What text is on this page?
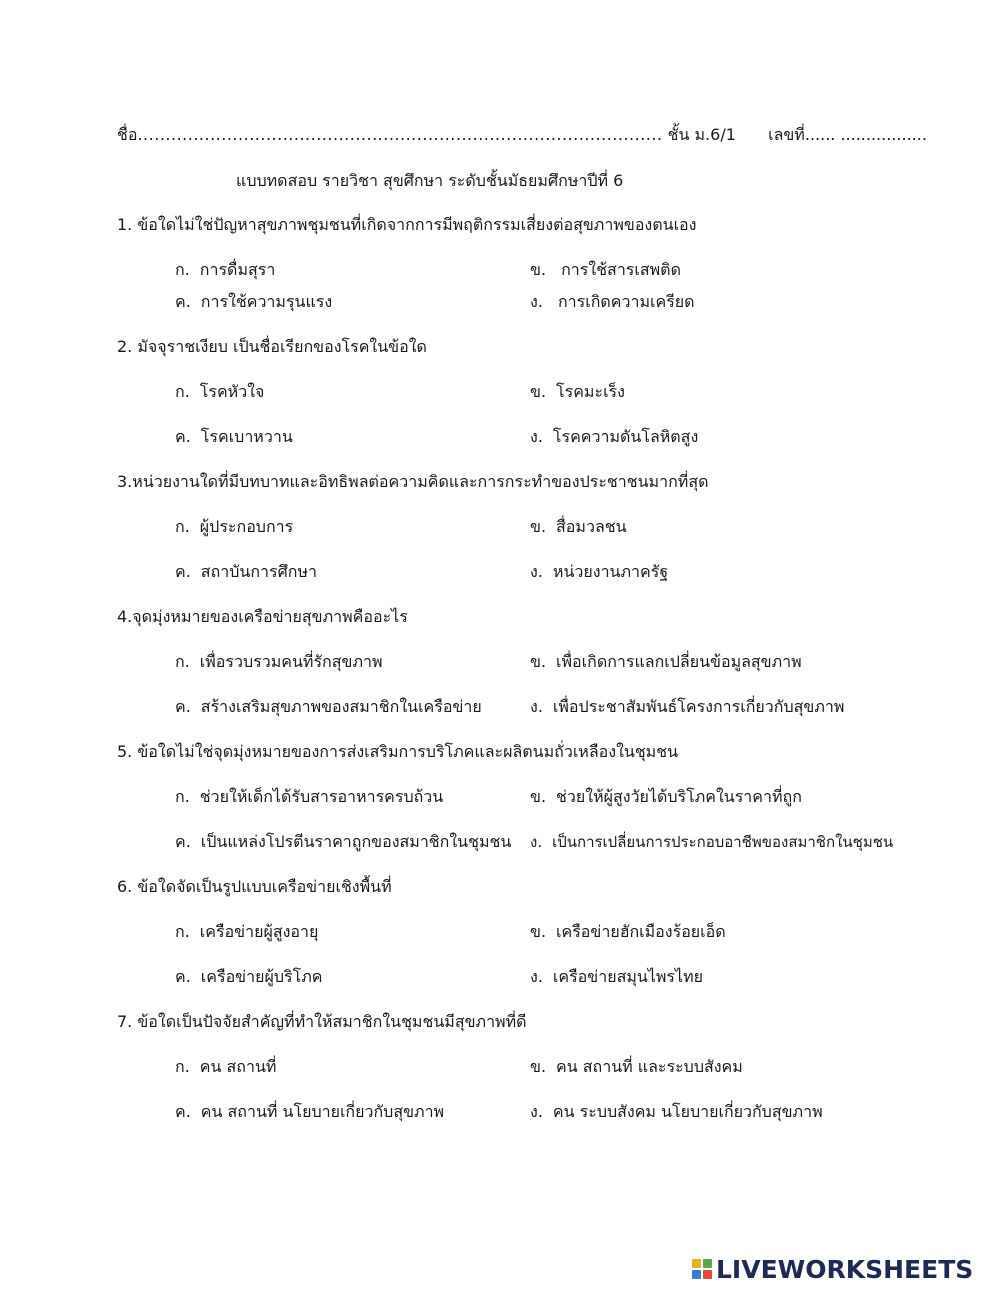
ชื่อ.............................................................................................. ชั้น ม.6/1 เลขที่...... .................
แบบทดสอบ รายวิชา สุขศึกษา ระดับชั้นมัธยมศึกษาปีที่ 6
1. ข้อใดไม่ใช่ปัญหาสุขภาพชุมชนที่เกิดจากการมีพฤติกรรมเสี่ยงต่อสุขภาพของตนเอง
ก. การดื่มสุรา	ข. การใช้สารเสพติด
ค. การใช้ความรุนแรง	ง. การเกิดความเครียด
2. มัจจุราชเงียบ เป็นชื่อเรียกของโรคในข้อใด
ก. โรคหัวใจ	ข. โรคมะเร็ง
ค. โรคเบาหวาน	ง. โรคความดันโลหิตสูง
3.หน่วยงานใดที่มีบทบาทและอิทธิพลต่อความคิดและการกระทำของประชาชนมากที่สุด
ก. ผู้ประกอบการ	ข. สื่อมวลชน
ค. สถาบันการศึกษา	ง. หน่วยงานภาครัฐ
4.จุดมุ่งหมายของเครือข่ายสุขภาพคืออะไร
ก. เพื่อรวบรวมคนที่รักสุขภาพ	ข. เพื่อเกิดการแลกเปลี่ยนข้อมูลสุขภาพ
ค. สร้างเสริมสุขภาพของสมาชิกในเครือข่าย	ง. เพื่อประชาสัมพันธ์โครงการเกี่ยวกับสุขภาพ
5. ข้อใดไม่ใช่จุดมุ่งหมายของการส่งเสริมการบริโภคและผลิตนมถั่วเหลืองในชุมชน
ก. ช่วยให้เด็กได้รับสารอาหารครบถ้วน	ข. ช่วยให้ผู้สูงวัยได้บริโภคในราคาที่ถูก
ค. เป็นแหล่งโปรตีนราคาถูกของสมาชิกในชุมชน ง. เป็นการเปลี่ยนการประกอบอาชีพของสมาชิกในชุมชน
6. ข้อใดจัดเป็นรูปแบบเครือข่ายเชิงพื้นที่
ก. เครือข่ายผู้สูงอายุ	ข. เครือข่ายฮักเมืองร้อยเอ็ด
ค. เครือข่ายผู้บริโภค	ง. เครือข่ายสมุนไพรไทย
7. ข้อใดเป็นปัจจัยสำคัญที่ทำให้สมาชิกในชุมชนมีสุขภาพที่ดี
ก. คน สถานที่	ข. คน สถานที่ และระบบสังคม
ค. คน สถานที่ นโยบายเกี่ยวกับสุขภาพ	ง. คน ระบบสังคม นโยบายเกี่ยวกับสุขภาพ
LIVEWORKSHEETS
